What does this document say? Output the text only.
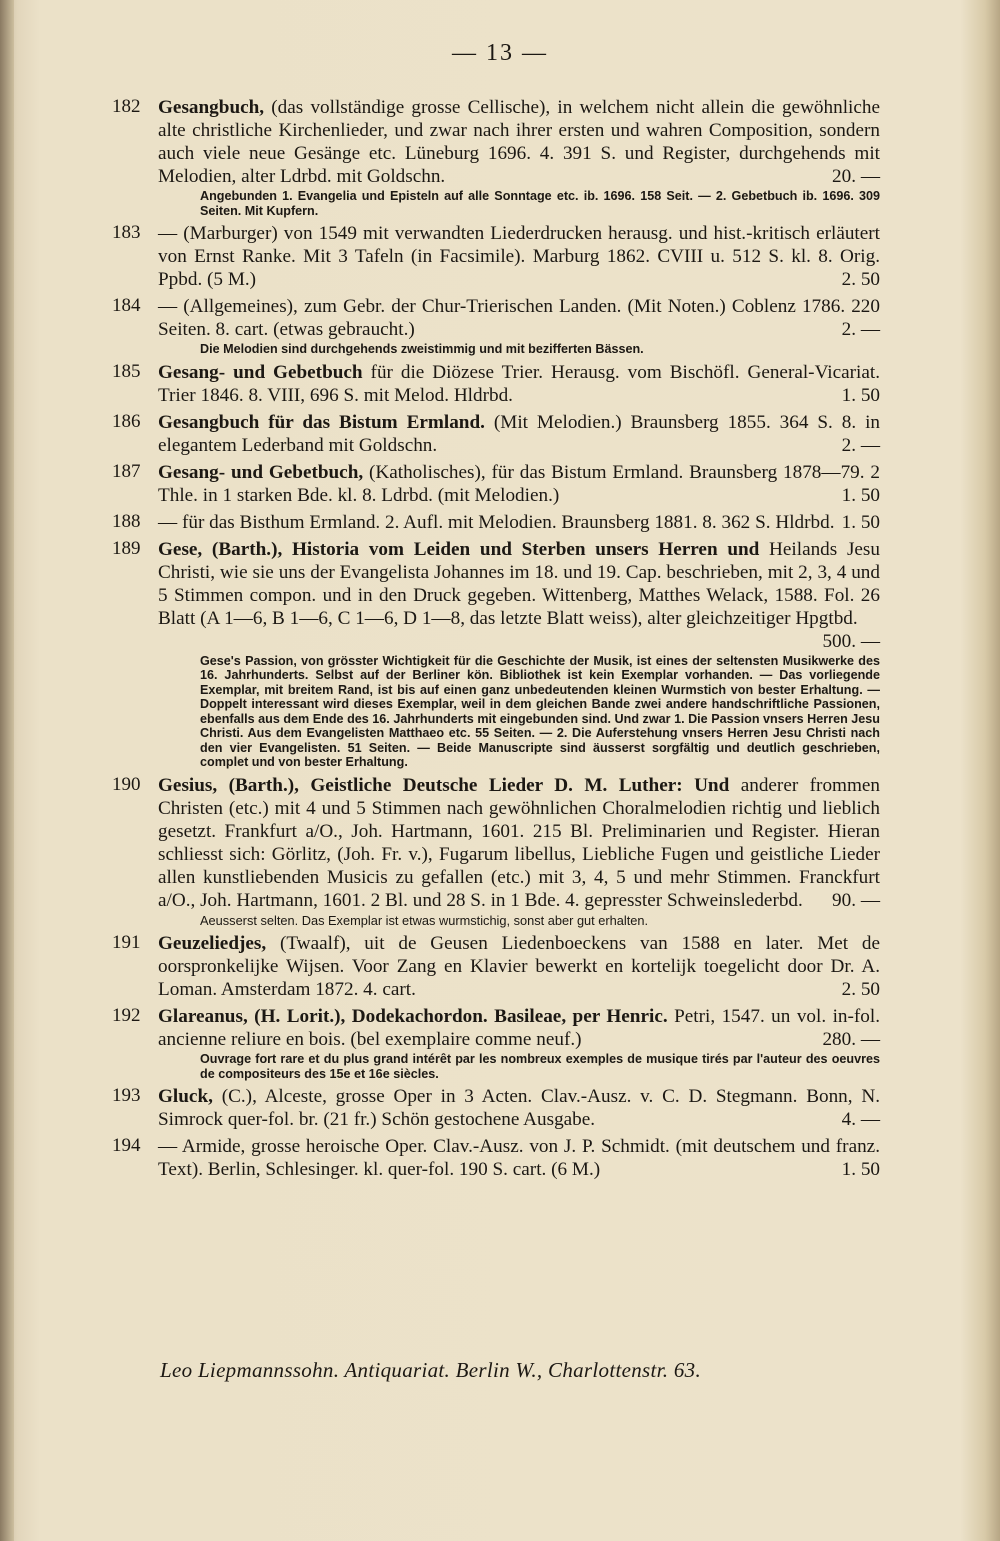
— 13 —
182 Gesangbuch, (das vollständige grosse Cellische), in welchem nicht allein die gewöhnliche alte christliche Kirchenlieder, und zwar nach ihrer ersten und wahren Composition, sondern auch viele neue Gesänge etc. Lüneburg 1696. 4. 391 S. und Register, durchgehends mit Melodien, alter Ldrbd. mit Goldschn.	20. —
Angebunden 1. Evangelia und Episteln auf alle Sonntage etc. ib. 1696. 158 Seit. — 2. Gebetbuch ib. 1696. 309 Seiten. Mit Kupfern.
183 — (Marburger) von 1549 mit verwandten Liederdrucken herausg. und hist.-kritisch erläutert von Ernst Ranke. Mit 3 Tafeln (in Facsimile). Marburg 1862. CVIII u. 512 S. kl. 8. Orig. Ppbd. (5 M.)	2. 50
184 — (Allgemeines), zum Gebr. der Chur-Trierischen Landen. (Mit Noten.) Coblenz 1786. 220 Seiten. 8. cart. (etwas gebraucht.)	2. —
Die Melodien sind durchgehends zweistimmig und mit bezifferten Bässen.
185 Gesang- und Gebetbuch für die Diözese Trier. Herausg. vom Bischöfl. General-Vicariat. Trier 1846. 8. VIII, 696 S. mit Melod. Hldrbd.	1. 50
186 Gesangbuch für das Bistum Ermland. (Mit Melodien.) Braunsberg 1855. 364 S. 8. in elegantem Lederband mit Goldschn.	2. —
187 Gesang- und Gebetbuch, (Katholisches), für das Bistum Ermland. Braunsberg 1878—79. 2 Thle. in 1 starken Bde. kl. 8. Ldrbd. (mit Melodien.)	1. 50
188 — für das Bisthum Ermland. 2. Aufl. mit Melodien. Braunsberg 1881. 8. 362 S. Hldrbd. 1. 50
189 Gese, (Barth.), Historia vom Leiden und Sterben unsers Herren und Heilands Jesu Christi, wie sie uns der Evangelista Johannes im 18. und 19. Cap. beschrieben, mit 2, 3, 4 und 5 Stimmen compon. und in den Druck gegeben. Wittenberg, Matthes Welack, 1588. Fol. 26 Blatt (A 1—6, B 1—6, C 1—6, D 1—8, das letzte Blatt weiss), alter gleichzeitiger Hpgtbd.
500. —
Gese's Passion, von grösster Wichtigkeit für die Geschichte der Musik, ist eines der seltensten Musikwerke des 16. Jahrhunderts. Selbst auf der Berliner kön. Bibliothek ist kein Exemplar vorhanden. — Das vorliegende Exemplar, mit breitem Rand, ist bis auf einen ganz unbedeutenden kleinen Wurmstich von bester Erhaltung. — Doppelt interessant wird dieses Exemplar, weil in dem gleichen Bande zwei andere handschriftliche Passionen, ebenfalls aus dem Ende des 16. Jahrhunderts mit eingebunden sind. Und zwar 1. Die Passion vnsers Herren Jesu Christi. Aus dem Evangelisten Matthaeo etc. 55 Seiten. — 2. Die Auferstehung vnsers Herren Jesu Christi nach den vier Evangelisten. 51 Seiten. — Beide Manuscripte sind äusserst sorgfältig und deutlich geschrieben, complet und von bester Erhaltung.
190 Gesius, (Barth.), Geistliche Deutsche Lieder D. M. Luther: Und anderer frommen Christen (etc.) mit 4 und 5 Stimmen nach gewöhnlichen Choralmelodien richtig und lieblich gesetzt. Frankfurt a/O., Joh. Hartmann, 1601. 215 Bl. Preliminarien und Register. Hieran schliesst sich: Görlitz, (Joh. Fr. v.), Fugarum libellus, Liebliche Fugen und geistliche Lieder allen kunstliebenden Musicis zu gefallen (etc.) mit 3, 4, 5 und mehr Stimmen. Franckfurt a/O., Joh. Hartmann, 1601. 2 Bl. und 28 S. in 1 Bde. 4. gepresster Schweinslederbd. 90. —
Aeusserst selten. Das Exemplar ist etwas wurmstichig, sonst aber gut erhalten.
191 Geuzeliedjes, (Twaalf), uit de Geusen Liedenboeckens van 1588 en later. Met de oorspronkelijke Wijsen. Voor Zang en Klavier bewerkt en kortelijk toegelicht door Dr. A. Loman. Amsterdam 1872. 4. cart.	2. 50
192 Glareanus, (H. Lorit.), Dodekachordon. Basileae, per Henric. Petri, 1547. un vol. in-fol. ancienne reliure en bois. (bel exemplaire comme neuf.)	280. —
Ouvrage fort rare et du plus grand intérêt par les nombreux exemples de musique tirés par l'auteur des oeuvres de compositeurs des 15e et 16e siècles.
193 Gluck, (C.), Alceste, grosse Oper in 3 Acten. Clav.-Ausz. v. C. D. Stegmann. Bonn, N. Simrock quer-fol. br. (21 fr.) Schön gestochene Ausgabe.	4. —
194 — Armide, grosse heroische Oper. Clav.-Ausz. von J. P. Schmidt. (mit deutschem und franz. Text). Berlin, Schlesinger. kl. quer-fol. 190 S. cart. (6 M.)	1. 50
Leo Liepmannssohn. Antiquariat. Berlin W., Charlottenstr. 63.
